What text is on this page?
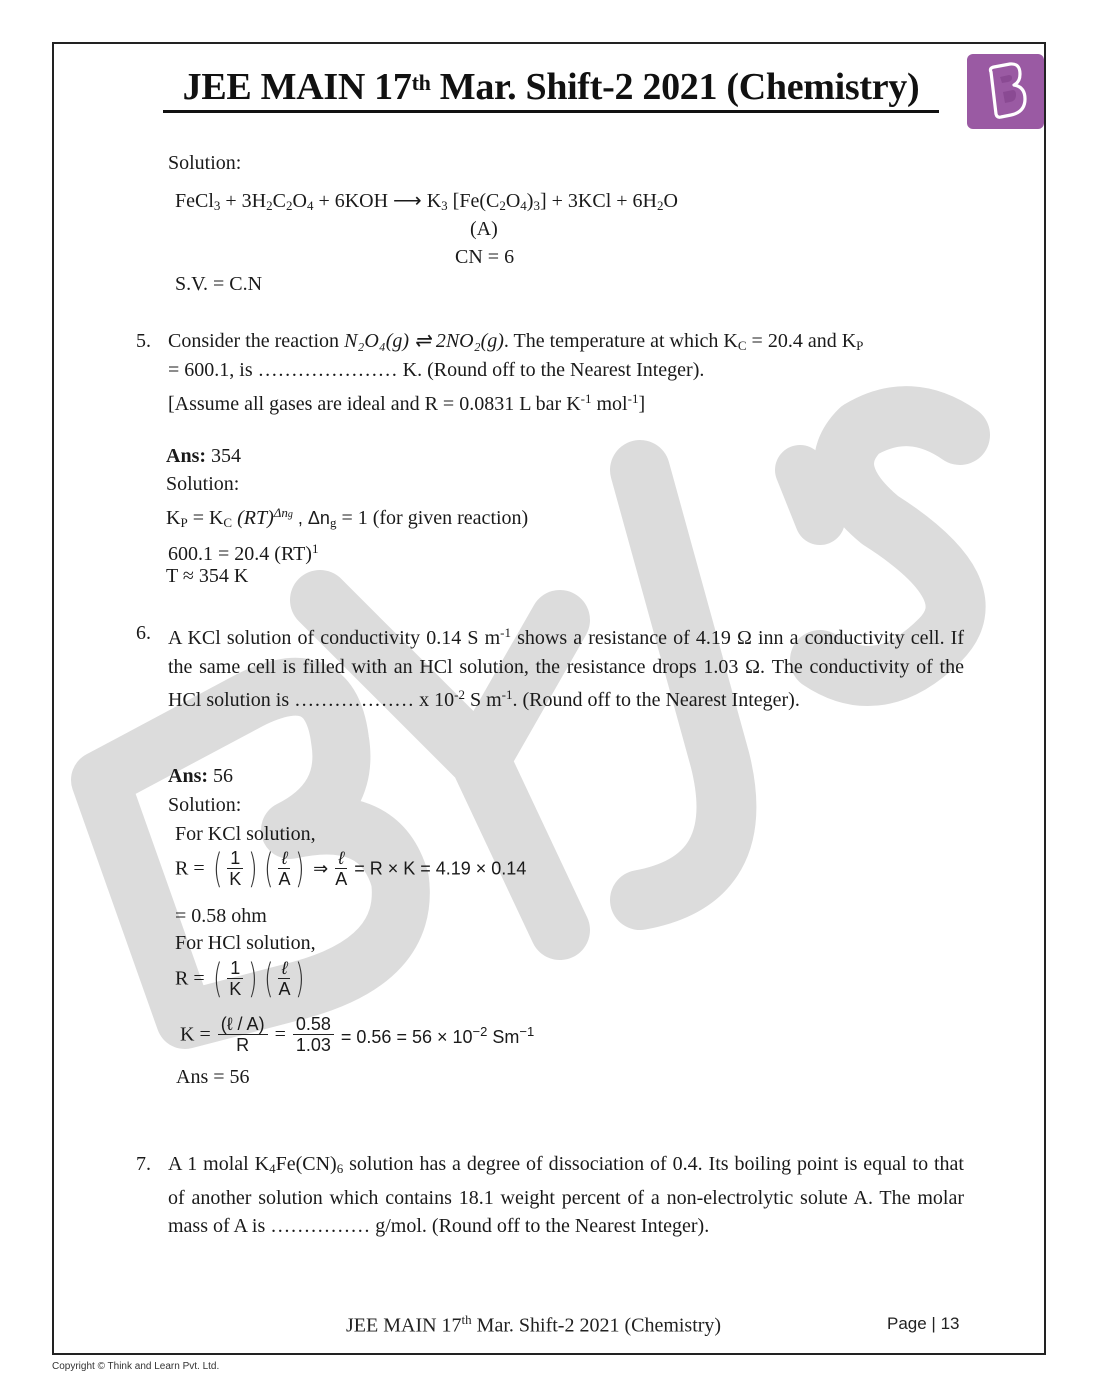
JEE MAIN 17th Mar. Shift-2 2021 (Chemistry)
Solution:
FeCl$_3$ + $3H_2C_2O_4 + 6KOH$ ⟶ $K_3$ $[Fe(C_2O_4)_3] + 3KCl + 6H_2O$
(A)
CN = 6
S.V. = C.N
5. Consider the reaction N₂O₄(g) ⇌ 2NO₂(g). The temperature at which $K_C = 20.4$ and $K_P$
= 600.1, is ………………… K. (Round off to the Nearest Integer).
[Assume all gases are ideal and R = 0.0831 L bar $K^{-1}$ mol$^{-1}$]
Ans: 354
Solution:
$K_P = K_C$ (RT)$^{\Delta ng}$ , $\Delta n_g = 1$ (for given reaction)
600.1 = 20.4 (RT)$^1$
T ≈ 354 K
6. A KCl solution of conductivity 0.14 S $m^{-1}$ shows a resistance of 4.19 Ω inn a conductivity cell. If the same cell is filled with an HCl solution, the resistance drops 1.03 Ω. The conductivity of the HCl solution is ……………… x $10^{-2}$ S $m^{-1}$. (Round off to the Nearest Integer).
Ans: 56
Solution:
For KCl solution,
R = ( $\frac{1}{K}$ ) ( $\frac{\text{ℓ}}{A}$ ) ⇒ $\frac{\text{ℓ}}{A} = R \times K = 4.19 \times 0.14$
= 0.58 ohm
For HCl solution,
R = ( $\frac{1}{K}$ ) ( $\frac{\text{ℓ}}{A}$ )
$K = \frac{\text{(ℓ / A)}}{R} = \frac{0.58}{1.03} = 0.56 = 56 \times 10^{-2}$ $Sm^{-1}$
Ans = 56
7. A 1 molal $K_4Fe(CN)_6$ solution has a degree of dissociation of 0.4. Its boiling point is equal to that of another solution which contains 18.1 weight percent of a non-electrolytic solute A. The molar mass of A is …………… g/mol. (Round off to the Nearest Integer).
JEE MAIN 17th Mar. Shift-2 2021 (Chemistry)	Page | 13
Copyright © Think and Learn Pvt. Ltd.
